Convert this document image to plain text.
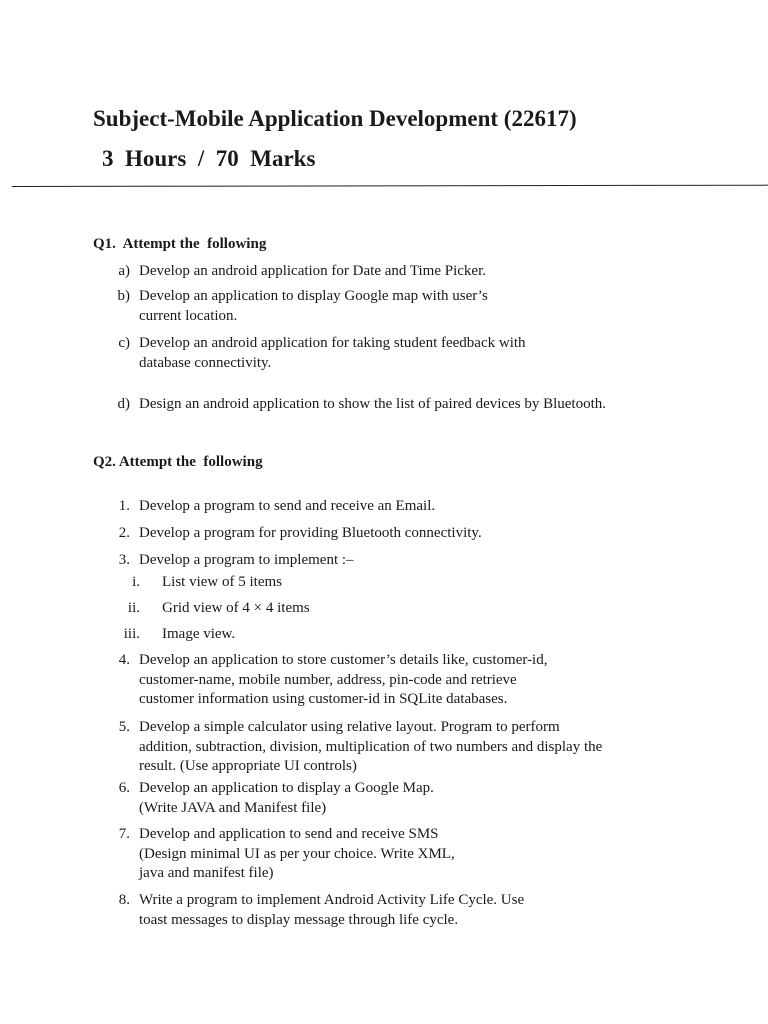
Subject-Mobile Application Development (22617)
3  Hours  /  70  Marks
Q1.  Attempt the  following
a) Develop an android application for Date and Time Picker.
b) Develop an application to display Google map with user’s
current location.
c) Develop an android application for taking student feedback with
database connectivity.
d) Design an android application to show the list of paired devices by Bluetooth.
Q2. Attempt the  following
1. Develop a program to send and receive an Email.
2. Develop a program for providing Bluetooth connectivity.
3. Develop a program to implement :–
i. List view of 5 items
ii. Grid view of 4 × 4 items
iii. Image view.
4. Develop an application to store customer’s details like, customer-id,
customer-name, mobile number, address, pin-code and retrieve
customer information using customer-id in SQLite databases.
5. Develop a simple calculator using relative layout. Program to perform
addition, subtraction, division, multiplication of two numbers and display the
result. (Use appropriate UI controls)
6. Develop an application to display a Google Map.
(Write JAVA and Manifest file)
7. Develop and application to send and receive SMS
(Design minimal UI as per your choice. Write XML,
java and manifest file)
8. Write a program to implement Android Activity Life Cycle. Use
toast messages to display message through life cycle.
